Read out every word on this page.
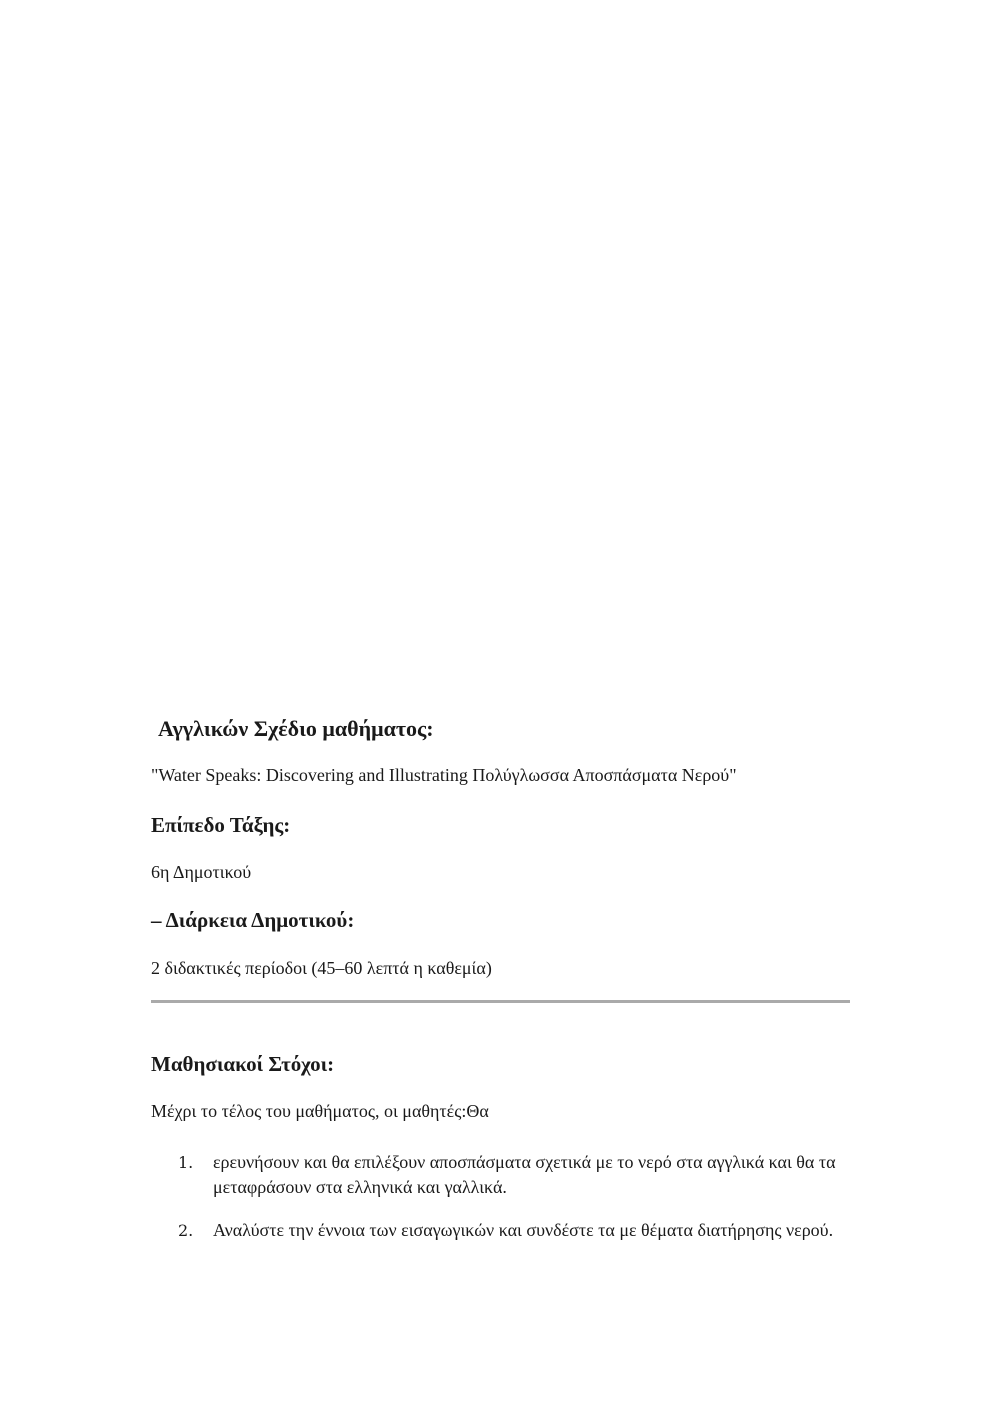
Αγγλικών Σχέδιο μαθήματος:
"Water Speaks: Discovering and Illustrating Πολύγλωσσα Αποσπάσματα Νερού"
Επίπεδο Τάξης:
6η Δημοτικού
– Διάρκεια Δημοτικού:
2 διδακτικές περίοδοι (45–60 λεπτά η καθεμία)
Μαθησιακοί Στόχοι:
Μέχρι το τέλος του μαθήματος, οι μαθητές:Θα
1.	ερευνήσουν και θα επιλέξουν αποσπάσματα σχετικά με το νερό στα αγγλικά και θα τα μεταφράσουν στα ελληνικά και γαλλικά.
2.	Αναλύστε την έννοια των εισαγωγικών και συνδέστε τα με θέματα διατήρησης νερού.
